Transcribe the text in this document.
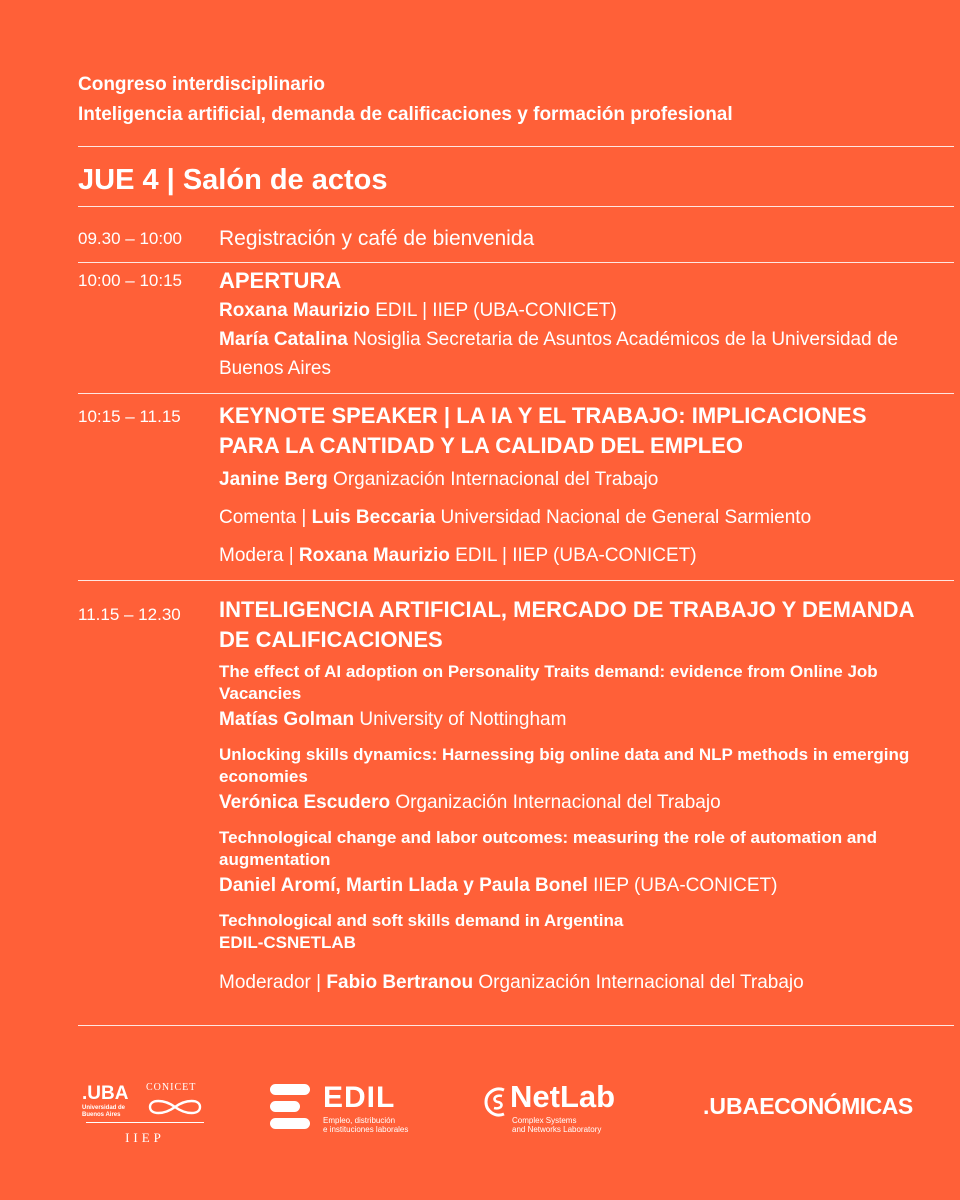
Congreso interdisciplinario
Inteligencia artificial, demanda de calificaciones y formación profesional
JUE 4 | Salón de actos
09.30 – 10:00 Registración y café de bienvenida
10:00 – 10:15 APERTURA
Roxana Maurizio EDIL | IIEP (UBA-CONICET)
María Catalina Nosiglia Secretaria de Asuntos Académicos de la Universidad de Buenos Aires
10:15 – 11.15 KEYNOTE SPEAKER | LA IA Y EL TRABAJO: IMPLICACIONES PARA LA CANTIDAD Y LA CALIDAD DEL EMPLEO
Janine Berg Organización Internacional del Trabajo
Comenta | Luis Beccaria Universidad Nacional de General Sarmiento
Modera | Roxana Maurizio EDIL | IIEP (UBA-CONICET)
11.15 – 12.30 INTELIGENCIA ARTIFICIAL, MERCADO DE TRABAJO Y DEMANDA DE CALIFICACIONES
The effect of AI adoption on Personality Traits demand: evidence from Online Job Vacancies
Matías Golman University of Nottingham
Unlocking skills dynamics: Harnessing big online data and NLP methods in emerging economies
Verónica Escudero Organización Internacional del Trabajo
Technological change and labor outcomes: measuring the role of automation and augmentation
Daniel Aromí, Martin Llada y Paula Bonel IIEP (UBA-CONICET)
Technological and soft skills demand in Argentina
EDIL-CSNETLAB
Moderador | Fabio Bertranou Organización Internacional del Trabajo
.UBA
Universidad de
Buenos Aires
CONICET
IIEP
EDIL
Empleo, distribución
e instituciones laborales
NetLab
Complex Systems
and Networks Laboratory
.UBAECONÓMICAS
